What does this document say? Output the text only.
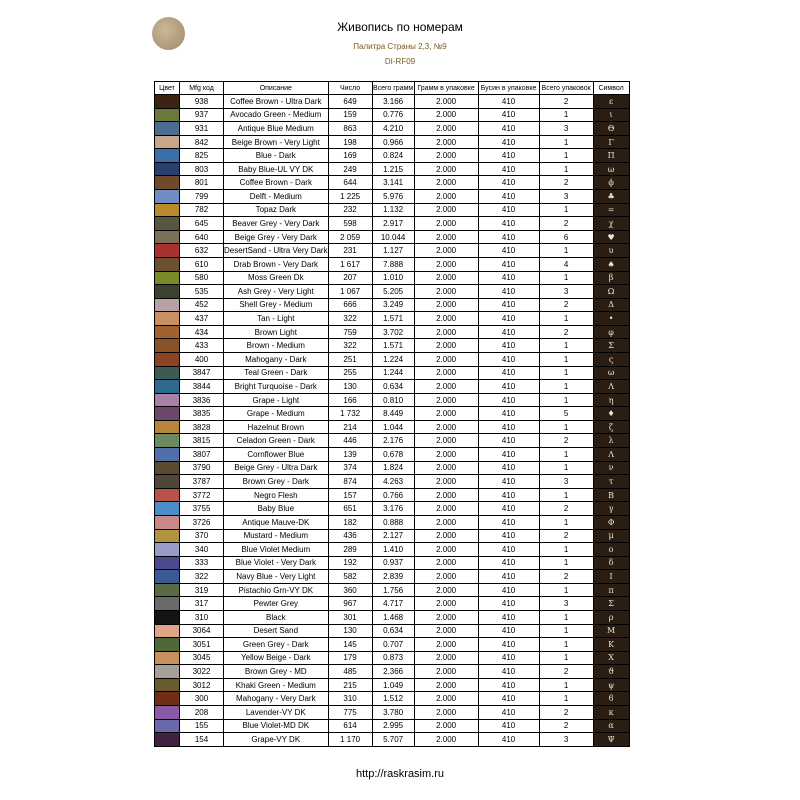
Живопись по номерам
Палитра Страны 2,3, №9
DI-RF09
Цвет	Mfg код	Описание	Число	Всего грамм	Грамм в упаковке	Бусин в упаковке	Всего упаковок	Символ
	938	Coffee Brown - Ultra Dark	649	3.166	2.000	410	2	ε
	937	Avocado Green - Medium	159	0.776	2.000	410	1	ι
	931	Antique Blue Medium	863	4.210	2.000	410	3	Θ
	842	Beige Brown - Very Light	198	0.966	2.000	410	1	Γ
	825	Blue - Dark	169	0.824	2.000	410	1	Π
	803	Baby Blue-UL VY DK	249	1.215	2.000	410	1	ω
	801	Coffee Brown - Dark	644	3.141	2.000	410	2	ϕ
	799	Delft - Medium	1 225	5.976	2.000	410	3	♣
	782	Topaz Dark	232	1.132	2.000	410	1	=
	645	Beaver Grey - Very Dark	598	2.917	2.000	410	2	χ
	640	Beige Grey - Very Dark	2 059	10.044	2.000	410	6	♥
	632	DesertSand - Ultra Very Dark	231	1.127	2.000	410	1	υ
	610	Drab Brown - Very Dark	1 617	7.888	2.000	410	4	♠
	580	Moss Green Dk	207	1.010	2.000	410	1	β
	535	Ash Grey - Very Light	1 067	5.205	2.000	410	3	Ω
	452	Shell Grey - Medium	666	3.249	2.000	410	2	Δ
	437	Tan - Light	322	1.571	2.000	410	1	•
	434	Brown Light	759	3.702	2.000	410	2	φ
	433	Brown - Medium	322	1.571	2.000	410	1	Σ
	400	Mahogany - Dark	251	1.224	2.000	410	1	ς
	3847	Teal Green - Dark	255	1.244	2.000	410	1	ω
	3844	Bright Turquoise - Dark	130	0.634	2.000	410	1	Λ
	3836	Grape - Light	166	0.810	2.000	410	1	η
	3835	Grape - Medium	1 732	8.449	2.000	410	5	♦
	3828	Hazelnut Brown	214	1.044	2.000	410	1	ζ
	3815	Celadon Green - Dark	446	2.176	2.000	410	2	λ
	3807	Cornflower Blue	139	0.678	2.000	410	1	Λ
	3790	Beige Grey - Ultra Dark	374	1.824	2.000	410	1	ν
	3787	Brown Grey - Dark	874	4.263	2.000	410	3	τ
	3772	Negro Flesh	157	0.766	2.000	410	1	Β
	3755	Baby Blue	651	3.176	2.000	410	2	γ
	3726	Antique Mauve-DK	182	0.888	2.000	410	1	Φ
	370	Mustard - Medium	436	2.127	2.000	410	2	μ
	340	Blue Violet Medium	289	1.410	2.000	410	1	ο
	333	Blue Violet - Very Dark	192	0.937	2.000	410	1	δ
	322	Navy Blue - Very Light	582	2.839	2.000	410	2	Ι
	319	Pistachio Grn-VY DK	360	1.756	2.000	410	1	π
	317	Pewter Grey	967	4.717	2.000	410	3	Σ
	310	Black	301	1.468	2.000	410	1	ρ
	3064	Desert Sand	130	0.634	2.000	410	1	Μ
	3051	Green Grey - Dark	145	0.707	2.000	410	1	Κ
	3045	Yellow Beige - Dark	179	0.873	2.000	410	1	Χ
	3022	Brown Grey - MD	485	2.366	2.000	410	2	ϑ
	3012	Khaki Green - Medium	215	1.049	2.000	410	1	ψ
	300	Mahogany - Very Dark	310	1.512	2.000	410	1	ϐ
	208	Lavender-VY DK	775	3.780	2.000	410	2	κ
	155	Blue Violet-MD DK	614	2.995	2.000	410	2	α
	154	Grape-VY DK	1 170	5.707	2.000	410	3	Ψ
http://raskrasim.ru
